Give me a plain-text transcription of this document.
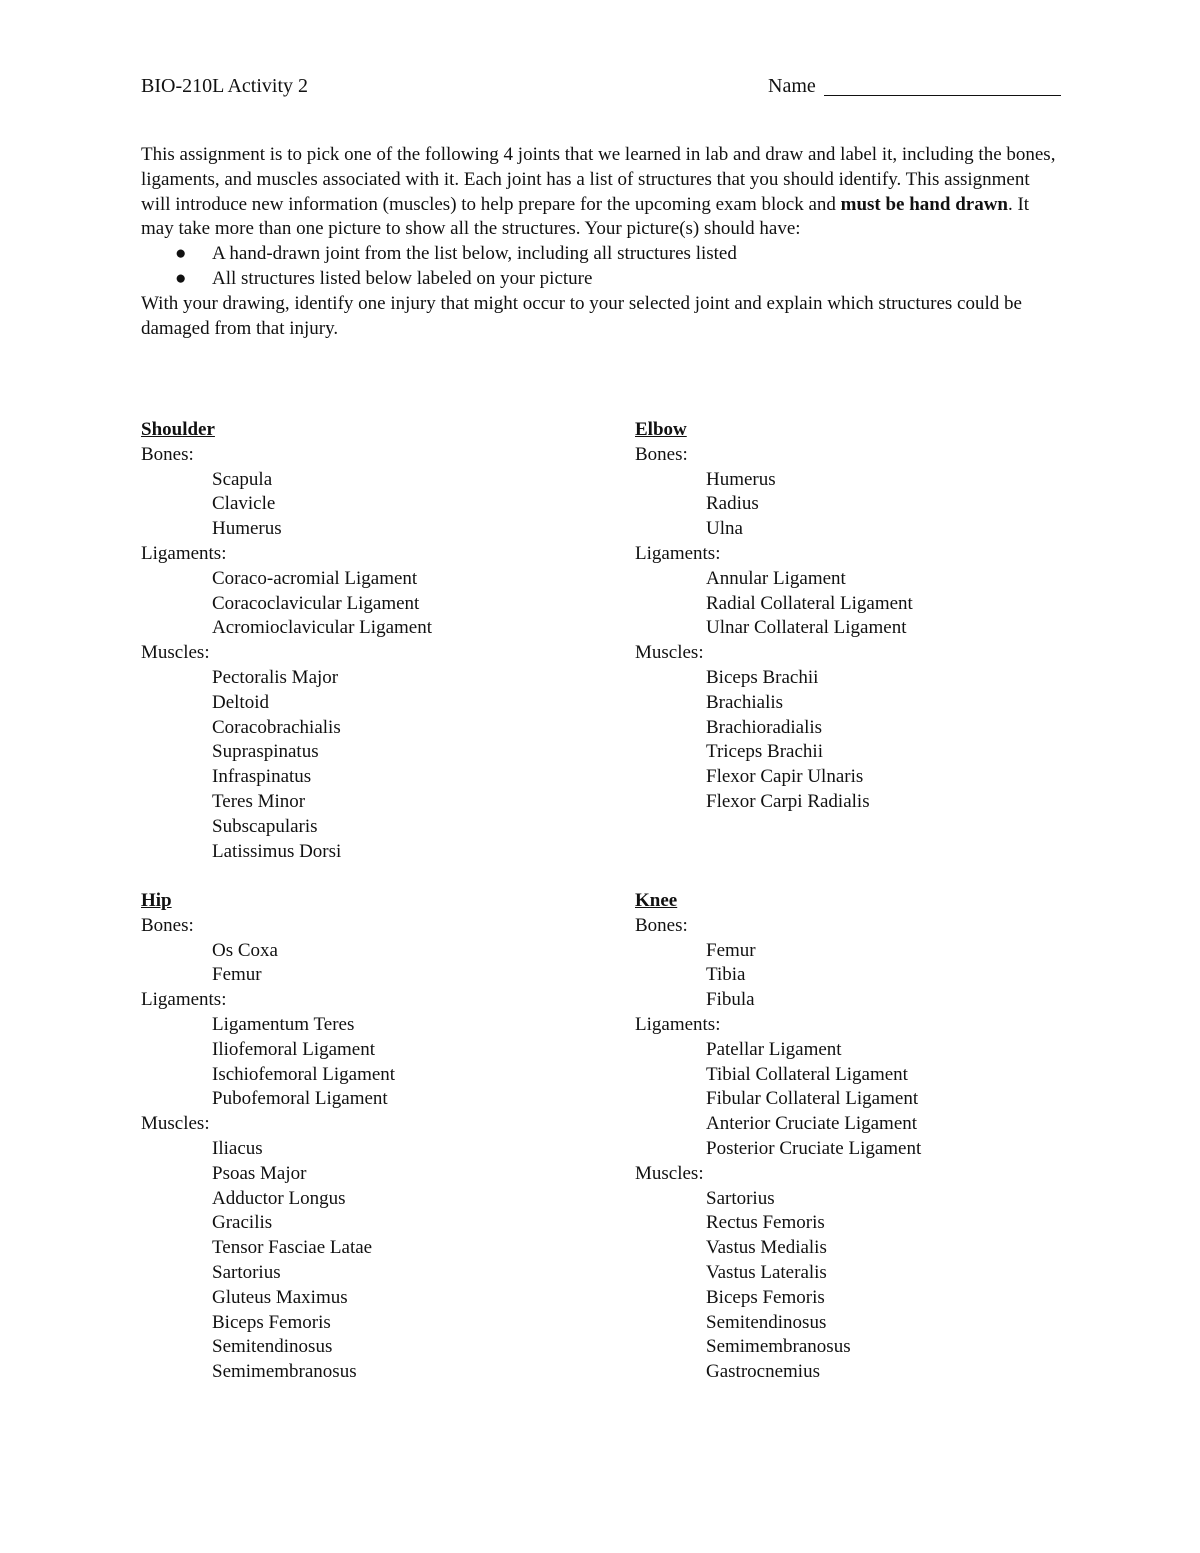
BIO-210L Activity 2	Name

This assignment is to pick one of the following 4 joints that we learned in lab and draw and label it, including the bones, ligaments, and muscles associated with it. Each joint has a list of structures that you should identify. This assignment will introduce new information (muscles) to help prepare for the upcoming exam block and must be hand drawn. It may take more than one picture to show all the structures. Your picture(s) should have:

● A hand-drawn joint from the list below, including all structures listed
● All structures listed below labeled on your picture

With your drawing, identify one injury that might occur to your selected joint and explain which structures could be damaged from that injury.

Shoulder
Bones:
Scapula
Clavicle
Humerus
Ligaments:
Coraco-acromial Ligament
Coracoclavicular Ligament
Acromioclavicular Ligament
Muscles:
Pectoralis Major
Deltoid
Coracobrachialis
Supraspinatus
Infraspinatus
Teres Minor
Subscapularis
Latissimus Dorsi
Elbow
Bones:
Humerus
Radius
Ulna
Ligaments:
Annular Ligament
Radial Collateral Ligament
Ulnar Collateral Ligament
Muscles:
Biceps Brachii
Brachialis
Brachioradialis
Triceps Brachii
Flexor Capir Ulnaris
Flexor Carpi Radialis
Hip
Bones:
Os Coxa
Femur
Ligaments:
Ligamentum Teres
Iliofemoral Ligament
Ischiofemoral Ligament
Pubofemoral Ligament
Muscles:
Iliacus
Psoas Major
Adductor Longus
Gracilis
Tensor Fasciae Latae
Sartorius
Gluteus Maximus
Biceps Femoris
Semitendinosus
Semimembranosus
Knee
Bones:
Femur
Tibia
Fibula
Ligaments:
Patellar Ligament
Tibial Collateral Ligament
Fibular Collateral Ligament
Anterior Cruciate Ligament
Posterior Cruciate Ligament
Muscles:
Sartorius
Rectus Femoris
Vastus Medialis
Vastus Lateralis
Biceps Femoris
Semitendinosus
Semimembranosus
Gastrocnemius
